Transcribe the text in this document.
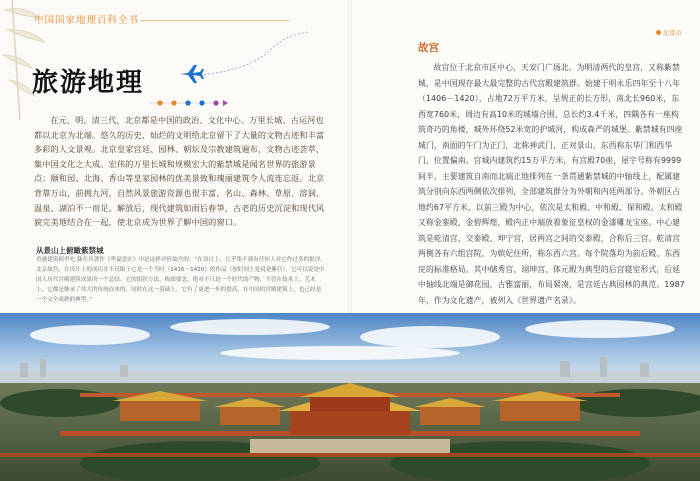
中国国家地理百科全书
旅游地理
在元、明、清三代，北京都是中国的政治、文化中心。万里长城、古运河也都以北京为北端。悠久的历史、灿烂的文明给北京留下了大量的文物古迹和丰富多彩的人文景观。北京皇家宫廷、园林、朝坛及宗教建筑遍布，文物古迹荟萃，集中国文化之大成。宏伟的万里长城和规模宏大的紫禁城是闻名世界的旅游景点；颐和园、北海、香山等皇家园林的优美景致和瑰丽建筑令人流连忘返。北京背靠万山，前拥九河，自然风景旅游资源也很丰富，名山、森林、草原、溶洞、温泉、湖泊不一而足。解放后，现代建筑如雨后春笋，古老的历史沉淀和现代风貌完美地结合在一起，使北京成为世界了解中国的窗口。
从景山上俯瞰紫禁城
香港建筑师李允 鉌在其著作《华夏意匠》中是这样评价故宫的：“在设计上，几乎集不到有任何人对它作过多的批评。北京故宫，在设计上的成功并不仅限于它是一个当时（1416～1420）的作品（按时间上是说是紫宫）。它可以说是中国人历代宫殿建筑成果的一个总结。它的组织方法，构图要念，绝对不只是一个时代的产物，不管在技术上，艺术上，它都是继承了伟大的传统而来的，同时在这一基础上，它有了更进一步的提高，在中国的宫殿建筑上，也已经是一个完全成熟的典型。”
北京市
故宫
故宫位于北京市区中心，天安门广场北。为明清两代的皇宫，又称紫禁城，是中国现存最大最完整的古代宫殿建筑群。始建于明永乐四年至十八年（1406－1420），占地72万平方米，呈规正的长方形，南北长960米，东西宽760米，周边有高10米的城墙合围，总长约3.4千米，四隅各有一座构筑奇巧的角楼，城外环绕52米宽的护城河，构成森严的城堡。紫禁城有四座城门，南面的午门为正门，北称神武门，正对景山，东西称东华门和西华门，位置偏南。宫城内建筑约15万平方米，有宫殿70座，屋宇号称有9999间半，主要建筑自南而北端正地排列在一条贯通紫禁城的中轴线上，配属建筑分别向东西两侧依次排列，全部建筑群分为外朝和内廷两部分。外朝区占地约67平方米，以前三殿为中心，依次是太和殿、中和殿、保和殿。太和殿又称金銮殿，金碧辉煌，殿内正中端放着象征皇权的金漆雕龙宝座。中心建筑是乾清宫、交泰殿、坤宁宫，居两宫之间的交泰殿，合称后三宫。乾清宫两侧各有六组宫院，为嫔妃住所，称东西六宫。每个院落均为前后殿、东西庑的标准格局。其中储秀宫、翊坤宫、体元殿为典型的后宫寝室形式，后延中轴线北端是御花园，古雅富丽，布局紧凑，是宫廷古典园林的典范。1987年，作为文化遗产，被列入《世界遗产名录》。
